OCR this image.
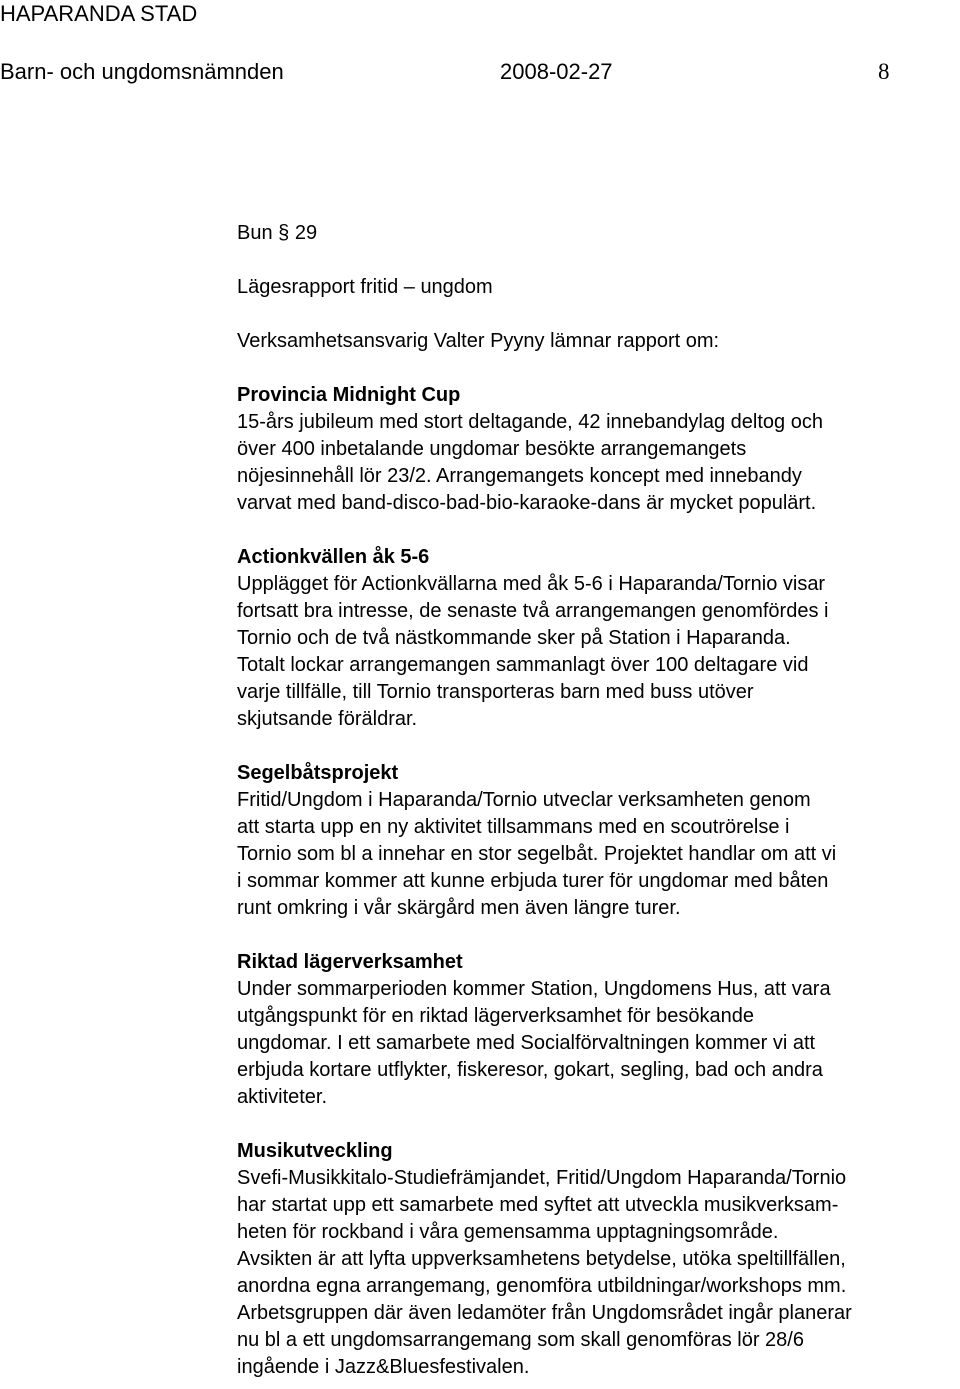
HAPARANDA STAD
Barn- och ungdomsnämnden	2008-02-27	8
Bun § 29
Lägesrapport fritid – ungdom
Verksamhetsansvarig Valter Pyyny lämnar rapport om:
Provincia Midnight Cup
15-års jubileum med stort deltagande, 42 innebandylag deltog och
över 400 inbetalande ungdomar besökte arrangemangets
nöjesinnehåll lör 23/2. Arrangemangets koncept med innebandy
varvat med band-disco-bad-bio-karaoke-dans är mycket populärt.
Actionkvällen åk 5-6
Upplägget för Actionkvällarna med åk 5-6 i Haparanda/Tornio visar
fortsatt bra intresse, de senaste två arrangemangen genomfördes i
Tornio och de två nästkommande sker på Station i Haparanda.
Totalt lockar arrangemangen sammanlagt över 100 deltagare vid
varje tillfälle, till Tornio transporteras barn med buss utöver
skjutsande föräldrar.
Segelbåtsprojekt
Fritid/Ungdom i Haparanda/Tornio utveclar verksamheten genom
att starta upp en ny aktivitet tillsammans med en scoutrörelse i
Tornio som bl a innehar en stor segelbåt. Projektet handlar om att vi
i sommar kommer att kunne erbjuda turer för ungdomar med båten
runt omkring i vår skärgård men även längre turer.
Riktad lägerverksamhet
Under sommarperioden kommer Station, Ungdomens Hus, att vara
utgångspunkt för en riktad lägerverksamhet för besökande
ungdomar. I ett samarbete med Socialförvaltningen kommer vi att
erbjuda kortare utflykter, fiskeresor, gokart, segling, bad och andra
aktiviteter.
Musikutveckling
Svefi-Musikkitalo-Studiefrämjandet, Fritid/Ungdom Haparanda/Tornio
har startat upp ett samarbete med syftet att utveckla musikverksam-
heten för rockband i våra gemensamma upptagningsområde.
Avsikten är att lyfta uppverksamhetens betydelse, utöka speltillfällen,
anordna egna arrangemang, genomföra utbildningar/workshops mm.
Arbetsgruppen där även ledamöter från Ungdomsrådet ingår planerar
nu bl a ett ungdomsarrangemang som skall genomföras lör 28/6
ingående i Jazz&Bluesfestivalen.
